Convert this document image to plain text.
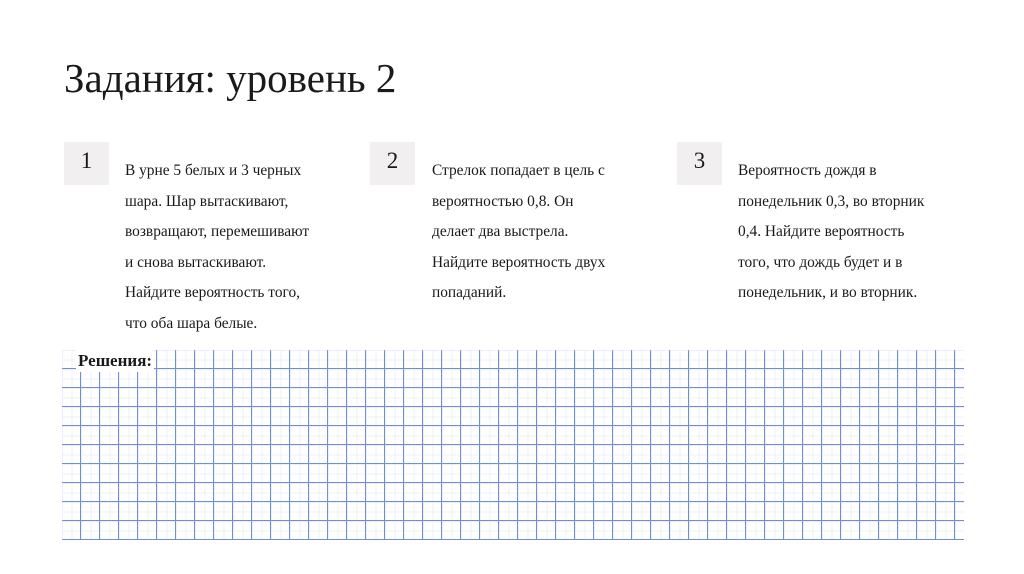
Задания: уровень 2
1	В урне 5 белых и 3 черных
шара. Шар вытаскивают,
возвращают, перемешивают
и снова вытаскивают.
Найдите вероятность того,
что оба шара белые.
2	Стрелок попадает в цель с
вероятностью 0,8. Он
делает два выстрела.
Найдите вероятность двух
попаданий.
3	Вероятность дождя в
понедельник 0,3, во вторник
0,4. Найдите вероятность
того, что дождь будет и в
понедельник, и во вторник.
Решения:
